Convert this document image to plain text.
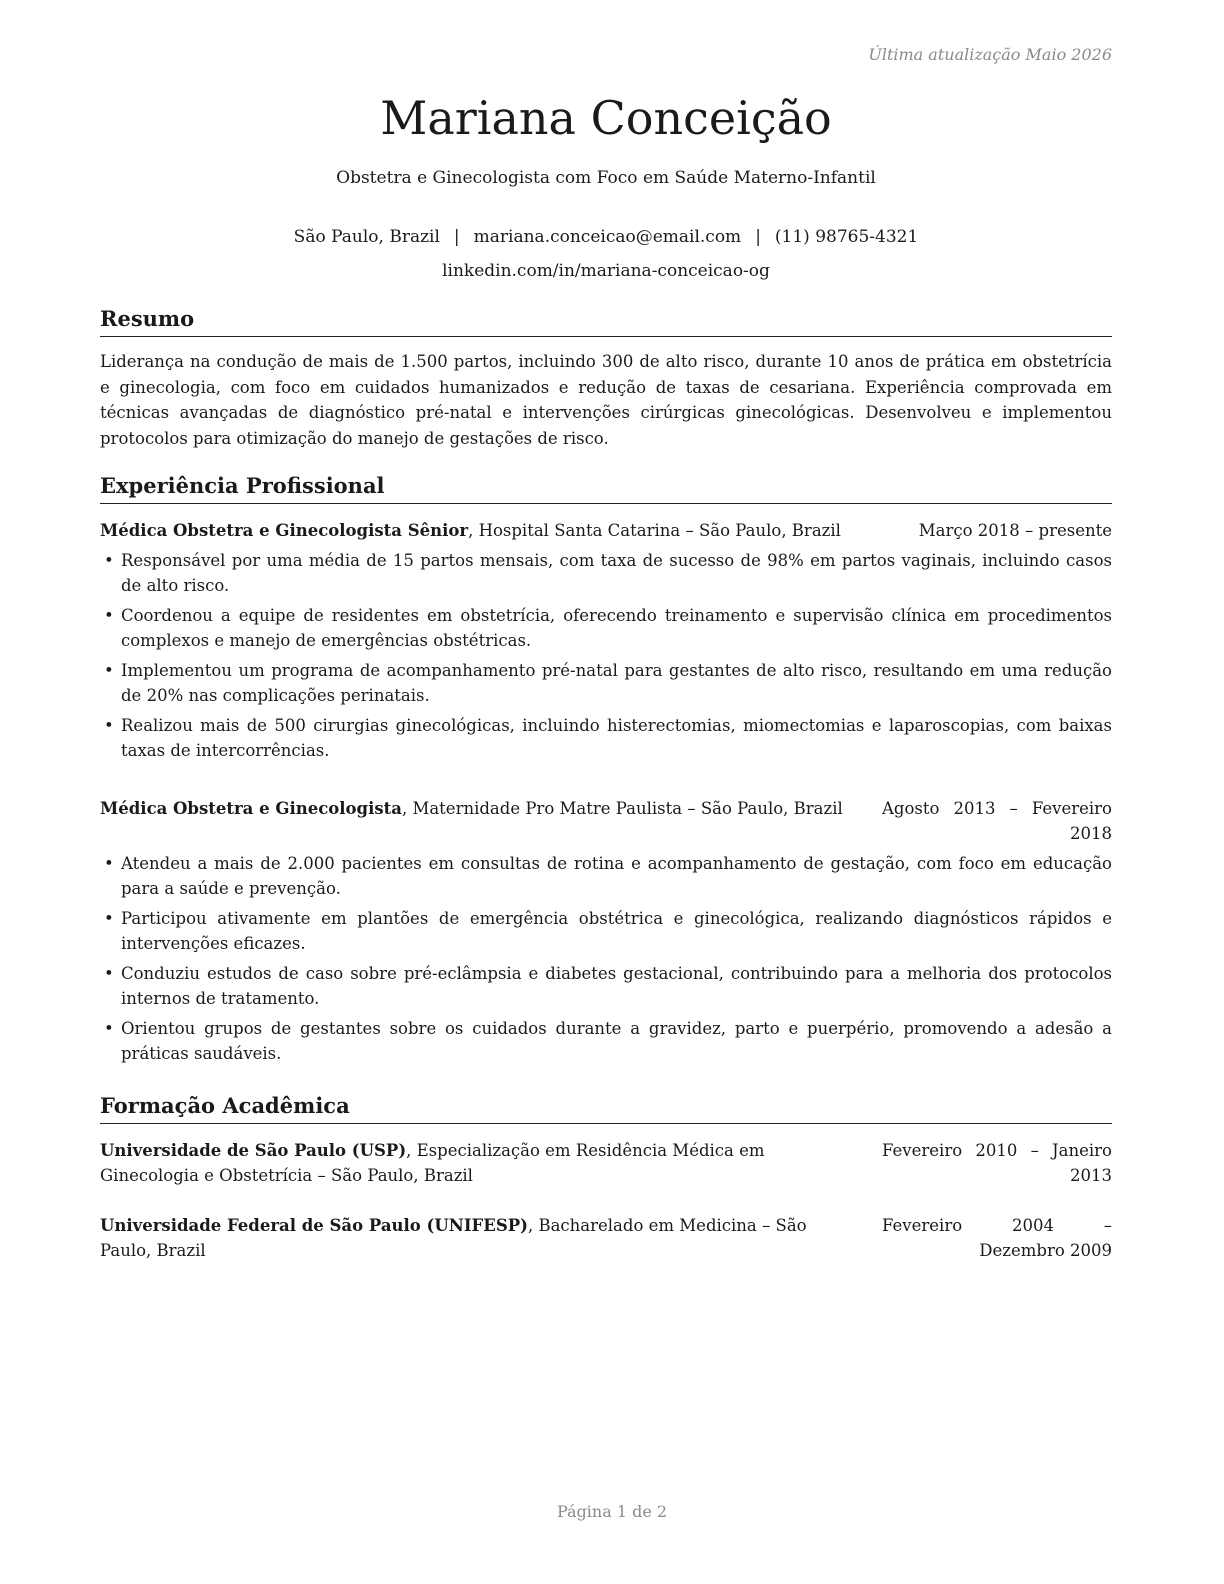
Última atualização Maio 2026
Mariana Conceição
Obstetra e Ginecologista com Foco em Saúde Materno-Infantil
São Paulo, Brazil | mariana.conceicao@email.com | (11) 98765-4321
linkedin.com/in/mariana-conceicao-og
Resumo

Liderança na condução de mais de 1.500 partos, incluindo 300 de alto risco, durante 10 anos de prática em obstetrícia e ginecologia, com foco em cuidados humanizados e redução de taxas de cesariana. Experiência comprovada em técnicas avançadas de diagnóstico pré-natal e intervenções cirúrgicas ginecológicas. Desenvolveu e implementou protocolos para otimização do manejo de gestações de risco.

Experiência Profissional
Médica Obstetra e Ginecologista Sênior, Hospital Santa Catarina – São Paulo, Brazil	Março 2018 – presente
• Responsável por uma média de 15 partos mensais, com taxa de sucesso de 98% em partos vaginais, incluindo casos de alto risco.
• Coordenou a equipe de residentes em obstetrícia, oferecendo treinamento e supervisão clínica em procedimentos complexos e manejo de emergências obstétricas.
• Implementou um programa de acompanhamento pré-natal para gestantes de alto risco, resultando em uma redução de 20% nas complicações perinatais.
• Realizou mais de 500 cirurgias ginecológicas, incluindo histerectomias, miomectomias e laparoscopias, com baixas taxas de intercorrências.
Médica Obstetra e Ginecologista, Maternidade Pro Matre Paulista – São Paulo, Brazil	Agosto 2013 – Fevereiro 2018
• Atendeu a mais de 2.000 pacientes em consultas de rotina e acompanhamento de gestação, com foco em educação para a saúde e prevenção.
• Participou ativamente em plantões de emergência obstétrica e ginecológica, realizando diagnósticos rápidos e intervenções eficazes.
• Conduziu estudos de caso sobre pré-eclâmpsia e diabetes gestacional, contribuindo para a melhoria dos protocolos internos de tratamento.
• Orientou grupos de gestantes sobre os cuidados durante a gravidez, parto e puerpério, promovendo a adesão a práticas saudáveis.
Formação Acadêmica
Universidade de São Paulo (USP), Especialização em Residência Médica em Ginecologia e Obstetrícia – São Paulo, Brazil
Fevereiro 2010 – Janeiro 2013
Universidade Federal de São Paulo (UNIFESP), Bacharelado em Medicina – São Paulo, Brazil
Fevereiro 2004 – Dezembro 2009
Página 1 de 2
